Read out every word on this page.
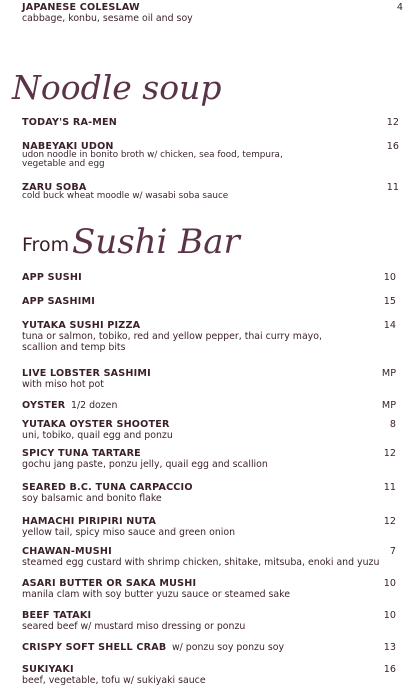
JAPANESE COLESLAW	4
cabbage, konbu, sesame oil and soy
Noodle soup
TODAY'S RA-MEN	12
NABEYAKI UDON	16
udon noodle in bonito broth w/ chicken, sea food, tempura,
vegetable and egg
ZARU SOBA	11
cold buck wheat moodle w/ wasabi soba sauce
From Sushi Bar
APP SUSHI	10
APP SASHIMI	15
YUTAKA SUSHI PIZZA	14
tuna or salmon, tobiko, red and yellow pepper, thai curry mayo,
scallion and temp bits
LIVE LOBSTER SASHIMI	MP
with miso hot pot
OYSTER 1/2 dozen	MP
YUTAKA OYSTER SHOOTER	8
uni, tobiko, quail egg and ponzu
SPICY TUNA TARTARE	12
gochu jang paste, ponzu jelly, quail egg and scallion
SEARED B.C. TUNA CARPACCIO	11
soy balsamic and bonito flake
HAMACHI PIRIPIRI NUTA	12
yellow tail, spicy miso sauce and green onion
CHAWAN-MUSHI	7
steamed egg custard with shrimp chicken, shitake, mitsuba, enoki and yuzu
ASARI BUTTER OR SAKA MUSHI	10
manila clam with soy butter yuzu sauce or steamed sake
BEEF TATAKI	10
seared beef w/ mustard miso dressing or ponzu
CRISPY SOFT SHELL CRAB w/ ponzu soy ponzu soy	13
SUKIYAKI	16
beef, vegetable, tofu w/ sukiyaki sauce
